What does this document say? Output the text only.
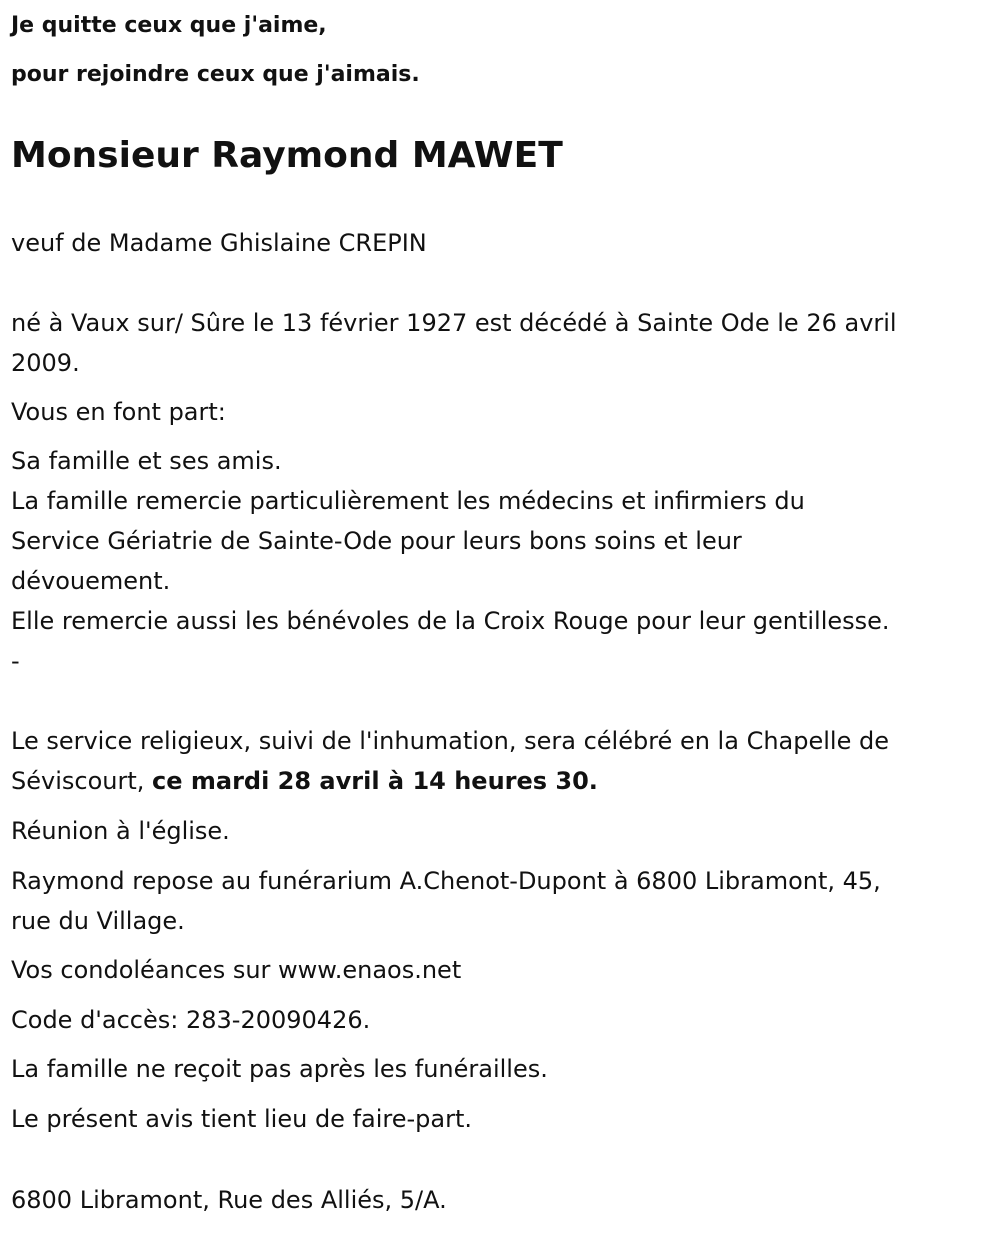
Je quitte ceux que j'aime,
pour rejoindre ceux que j'aimais.
Monsieur Raymond MAWET
veuf de Madame Ghislaine CREPIN
né à Vaux sur/ Sûre le 13 février 1927 est décédé à Sainte Ode le 26 avril
2009.
Vous en font part:
Sa famille et ses amis.
La famille remercie particulièrement les médecins et infirmiers du
Service Gériatrie de Sainte-Ode pour leurs bons soins et leur
dévouement.
Elle remercie aussi les bénévoles de la Croix Rouge pour leur gentillesse.
-
Le service religieux, suivi de l'inhumation, sera célébré en la Chapelle de
Séviscourt, ce mardi 28 avril à 14 heures 30.
Réunion à l'église.
Raymond repose au funérarium A.Chenot-Dupont à 6800 Libramont, 45,
rue du Village.
Vos condoléances sur www.enaos.net
Code d'accès: 283-20090426.
La famille ne reçoit pas après les funérailles.
Le présent avis tient lieu de faire-part.
6800 Libramont, Rue des Alliés, 5/A.
